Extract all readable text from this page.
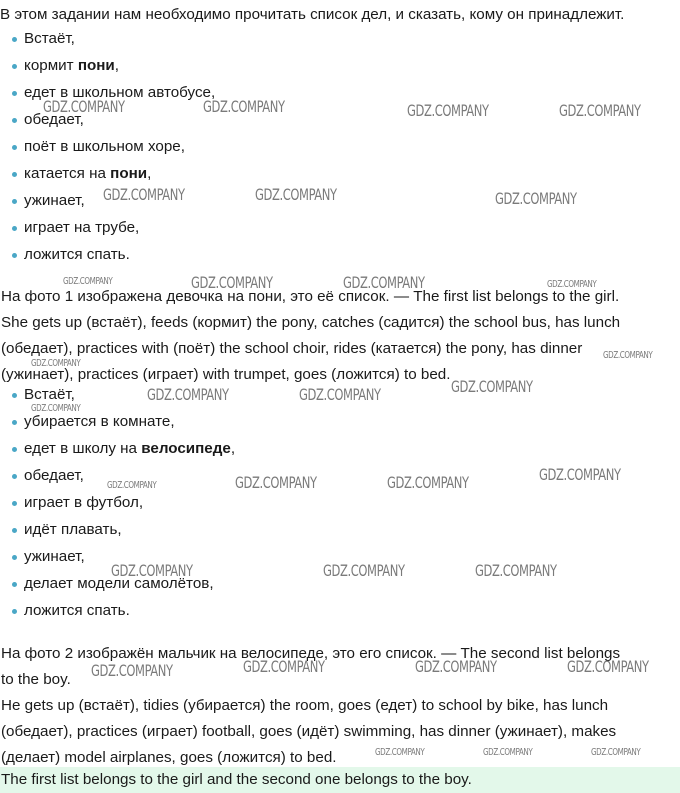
В этом задании нам необходимо прочитать список дел, и сказать, кому он принадлежит.
Встаёт,
кормит пони,
едет в школьном автобусе,
обедает,
поёт в школьном хоре,
катается на пони,
ужинает,
играет на трубе,
ложится спать.
На фото 1 изображена девочка на пони, это её список. — The first list belongs to the girl.
She gets up (встаёт), feeds (кормит) the pony, catches (садится) the school bus, has lunch
(обедает), practices with (поёт) the school choir, rides (катается) the pony, has dinner
(ужинает), practices (играет) with trumpet, goes (ложится) to bed.
Встаёт,
убирается в комнате,
едет в школу на велосипеде,
обедает,
играет в футбол,
идёт плавать,
ужинает,
делает модели самолётов,
ложится спать.
На фото 2 изображён мальчик на велосипеде, это его список. — The second list belongs
to the boy.
He gets up (встаёт), tidies (убирается) the room, goes (едет) to school by bike, has lunch
(обедает), practices (играет) football, goes (идёт) swimming, has dinner (ужинает), makes
(делает) model airplanes, goes (ложится) to bed.
The first list belongs to the girl and the second one belongs to the boy.
GDZ.COMPANY	GDZ.COMPANY	GDZ.COMPANY	GDZ.COMPANY
GDZ.COMPANY	GDZ.COMPANY	GDZ.COMPANY
GDZ.COMPANY	GDZ.COMPANY	GDZ.COMPANY	GDZ.COMPANY
GDZ.COMPANY
GDZ.COMPANY
GDZ.COMPANY
GDZ.COMPANY	GDZ.COMPANY
GDZ.COMPANY
GDZ.COMPANY	GDZ.COMPANY	GDZ.COMPANY	GDZ.COMPANY
GDZ.COMPANY	GDZ.COMPANY	GDZ.COMPANY
GDZ.COMPANY	GDZ.COMPANY	GDZ.COMPANY	GDZ.COMPANY
GDZ.COMPANY	GDZ.COMPANY	GDZ.COMPANY
